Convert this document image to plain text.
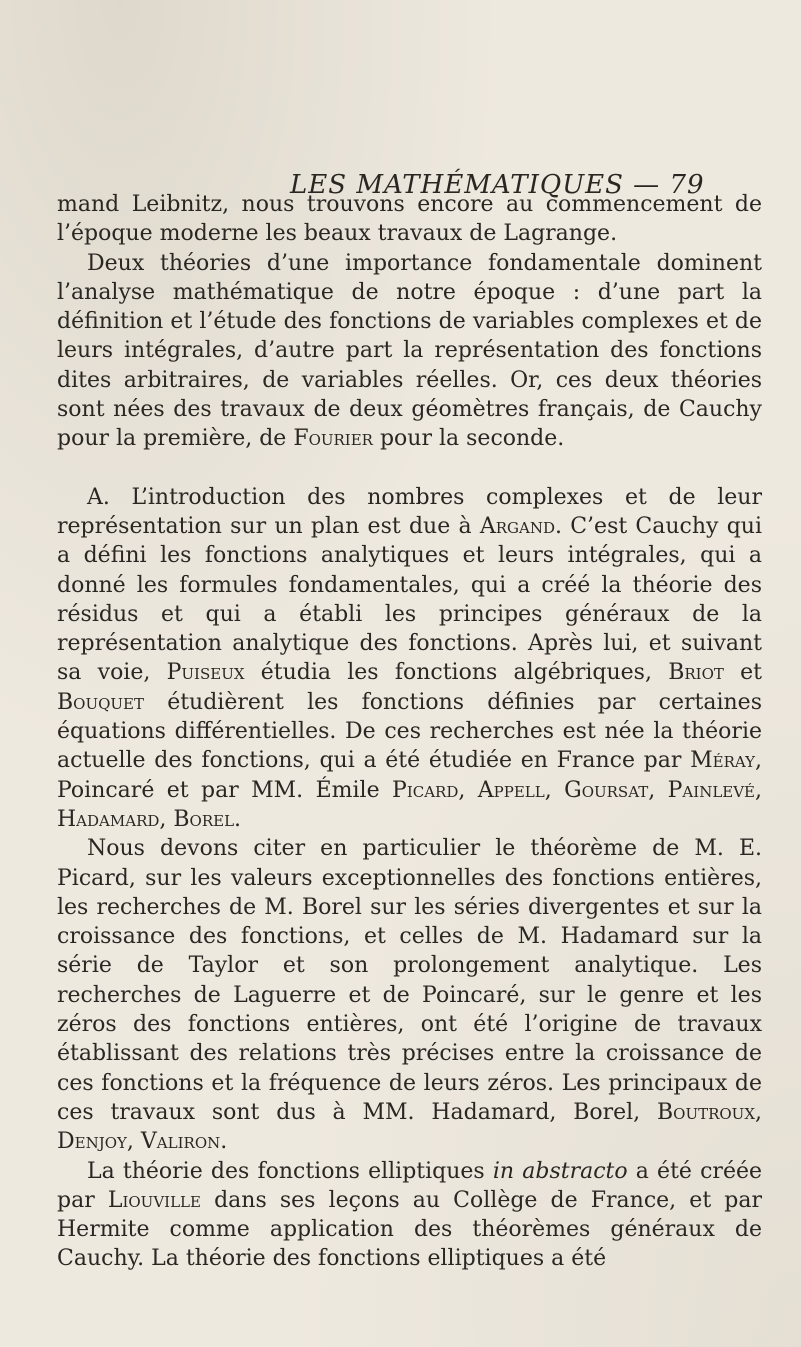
LES MATHÉMATIQUES — 79

mand Leibnitz, nous trouvons encore au commencement de l’époque moderne les beaux travaux de Lagrange.

Deux théories d’une importance fondamentale dominent l’analyse mathématique de notre époque : d’une part la définition et l’étude des fonctions de variables complexes et de leurs intégrales, d’autre part la représentation des fonctions dites arbitraires, de variables réelles. Or, ces deux théories sont nées des travaux de deux géomètres français, de Cauchy pour la première, de Fourier pour la seconde.

A. L’introduction des nombres complexes et de leur représentation sur un plan est due à Argand. C’est Cauchy qui a défini les fonctions analytiques et leurs intégrales, qui a donné les formules fondamentales, qui a créé la théorie des résidus et qui a établi les principes généraux de la représentation analytique des fonctions. Après lui, et suivant sa voie, Puiseux étudia les fonctions algébriques, Briot et Bouquet étudièrent les fonctions définies par certaines équations différentielles. De ces recherches est née la théorie actuelle des fonctions, qui a été étudiée en France par Méray, Poincaré et par MM. Émile Picard, Appell, Goursat, Painlevé, Hadamard, Borel.

Nous devons citer en particulier le théorème de M. E. Picard, sur les valeurs exceptionnelles des fonctions entières, les recherches de M. Borel sur les séries divergentes et sur la croissance des fonctions, et celles de M. Hadamard sur la série de Taylor et son prolongement analytique. Les recherches de Laguerre et de Poincaré, sur le genre et les zéros des fonctions entières, ont été l’origine de travaux établissant des relations très précises entre la croissance de ces fonctions et la fréquence de leurs zéros. Les principaux de ces travaux sont dus à MM. Hadamard, Borel, Boutroux, Denjoy, Valiron.

La théorie des fonctions elliptiques in abstracto a été créée par Liouville dans ses leçons au Collège de France, et par Hermite comme application des théorèmes généraux de Cauchy. La théorie des fonctions elliptiques a été
